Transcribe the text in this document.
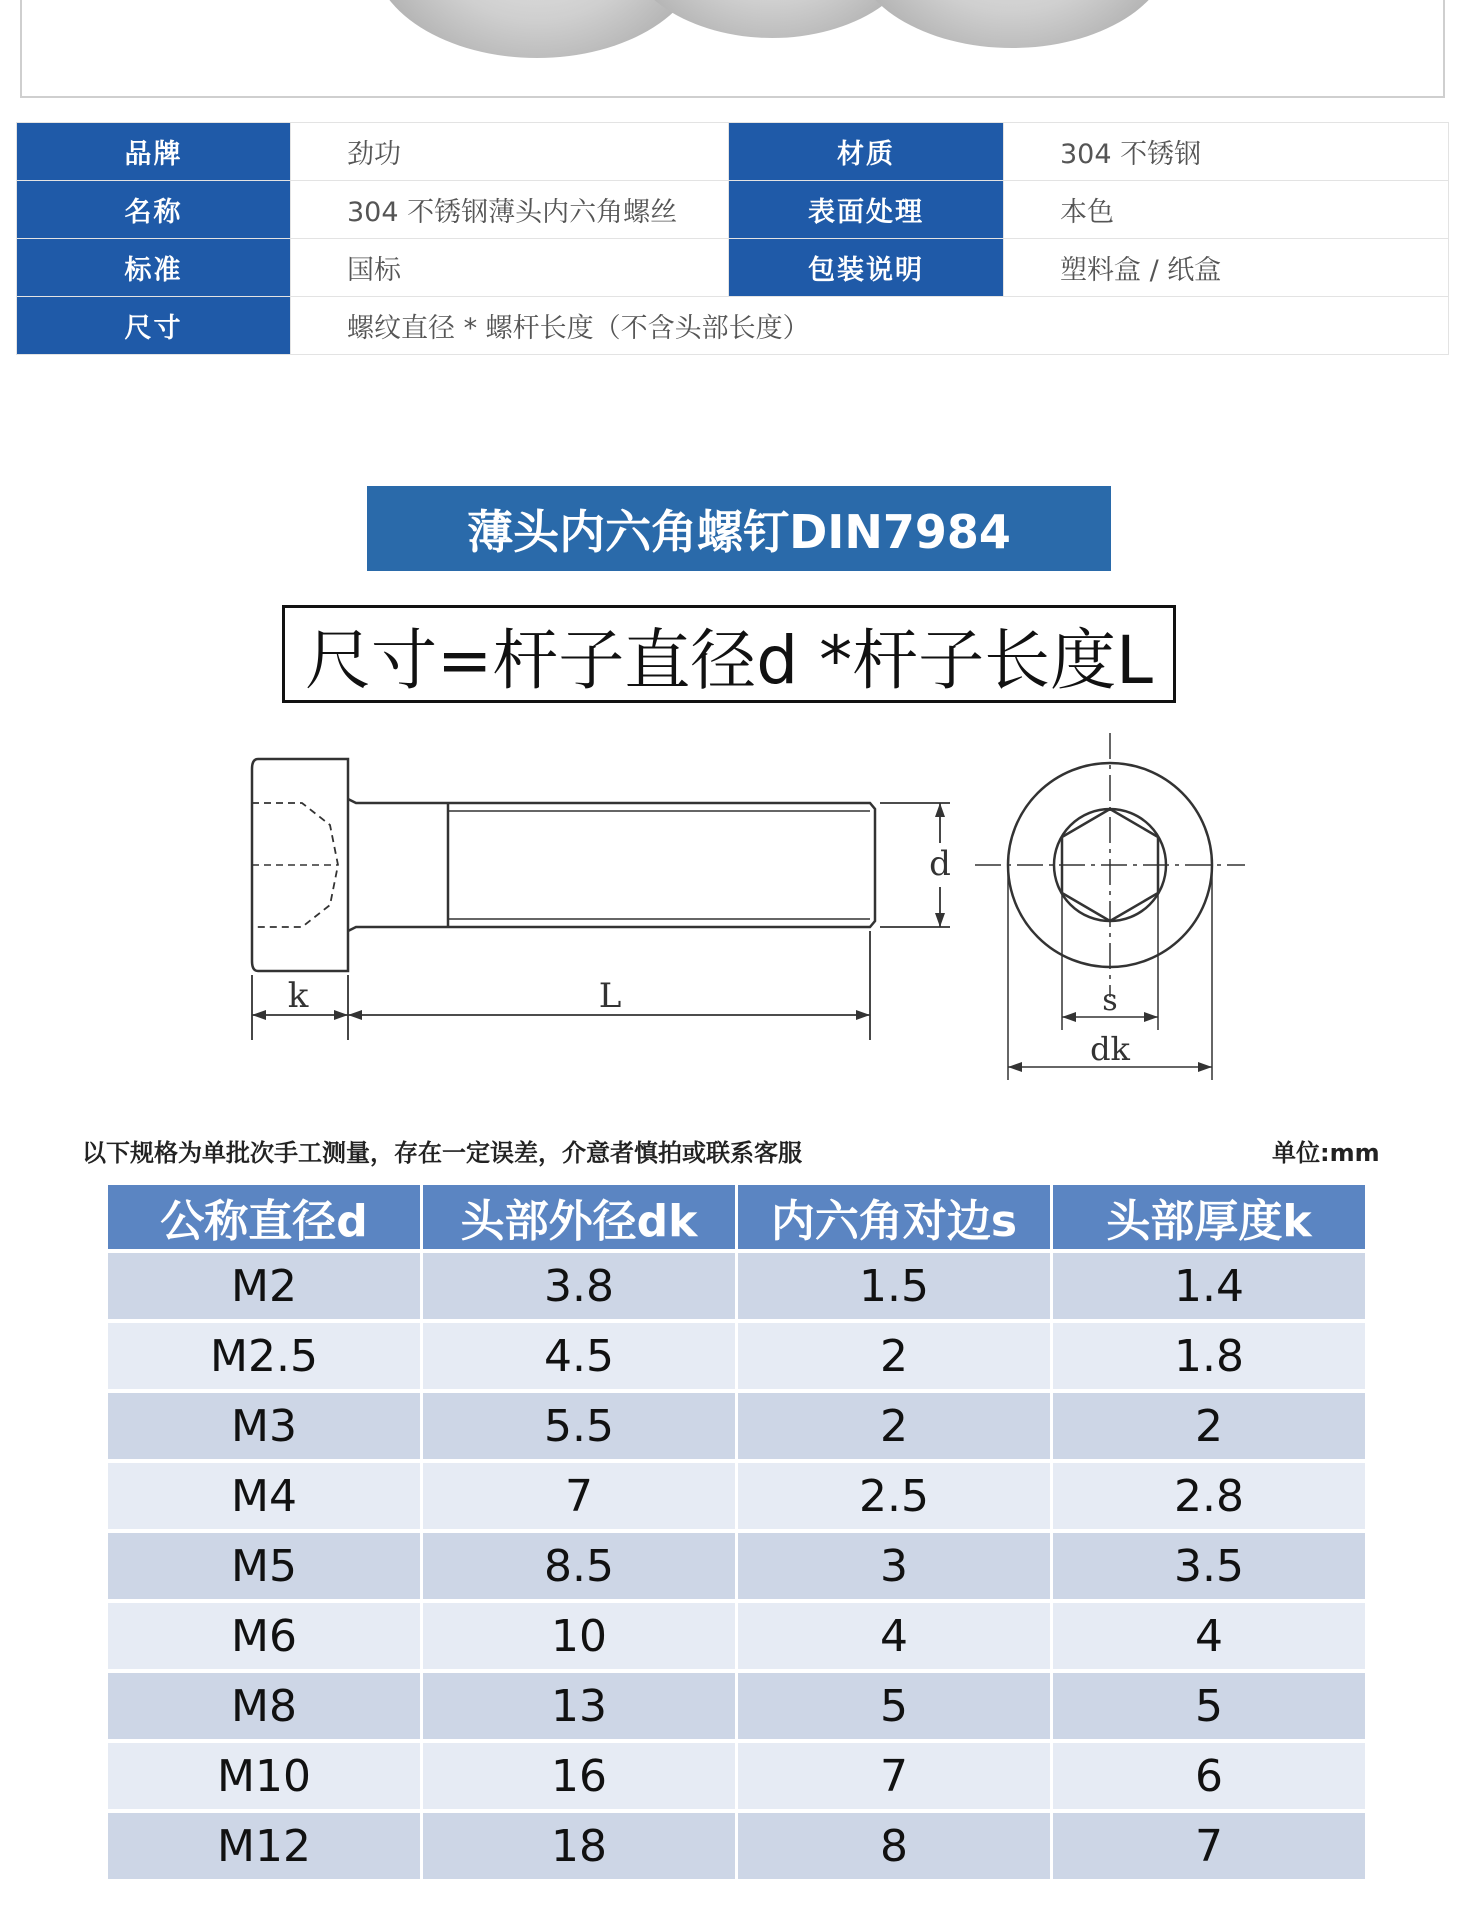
品牌	劲功	材质	304 不锈钢
名称	304 不锈钢薄头内六角螺丝	表面处理	本色
标准	国标	包装说明	塑料盒 / 纸盒
尺寸	螺纹直径 * 螺杆长度（不含头部长度）		
薄头内六角螺钉DIN7984
尺寸=杆子直径d *杆子长度L
k	L
d
s
dk
以下规格为单批次手工测量，存在一定误差，介意者慎拍或联系客服	单位:mm
公称直径d	头部外径dk	内六角对边s	头部厚度k
M2	3.8	1.5	1.4
M2.5	4.5	2	1.8
M3	5.5	2	2
M4	7	2.5	2.8
M5	8.5	3	3.5
M6	10	4	4
M8	13	5	5
M10	16	7	6
M12	18	8	7
